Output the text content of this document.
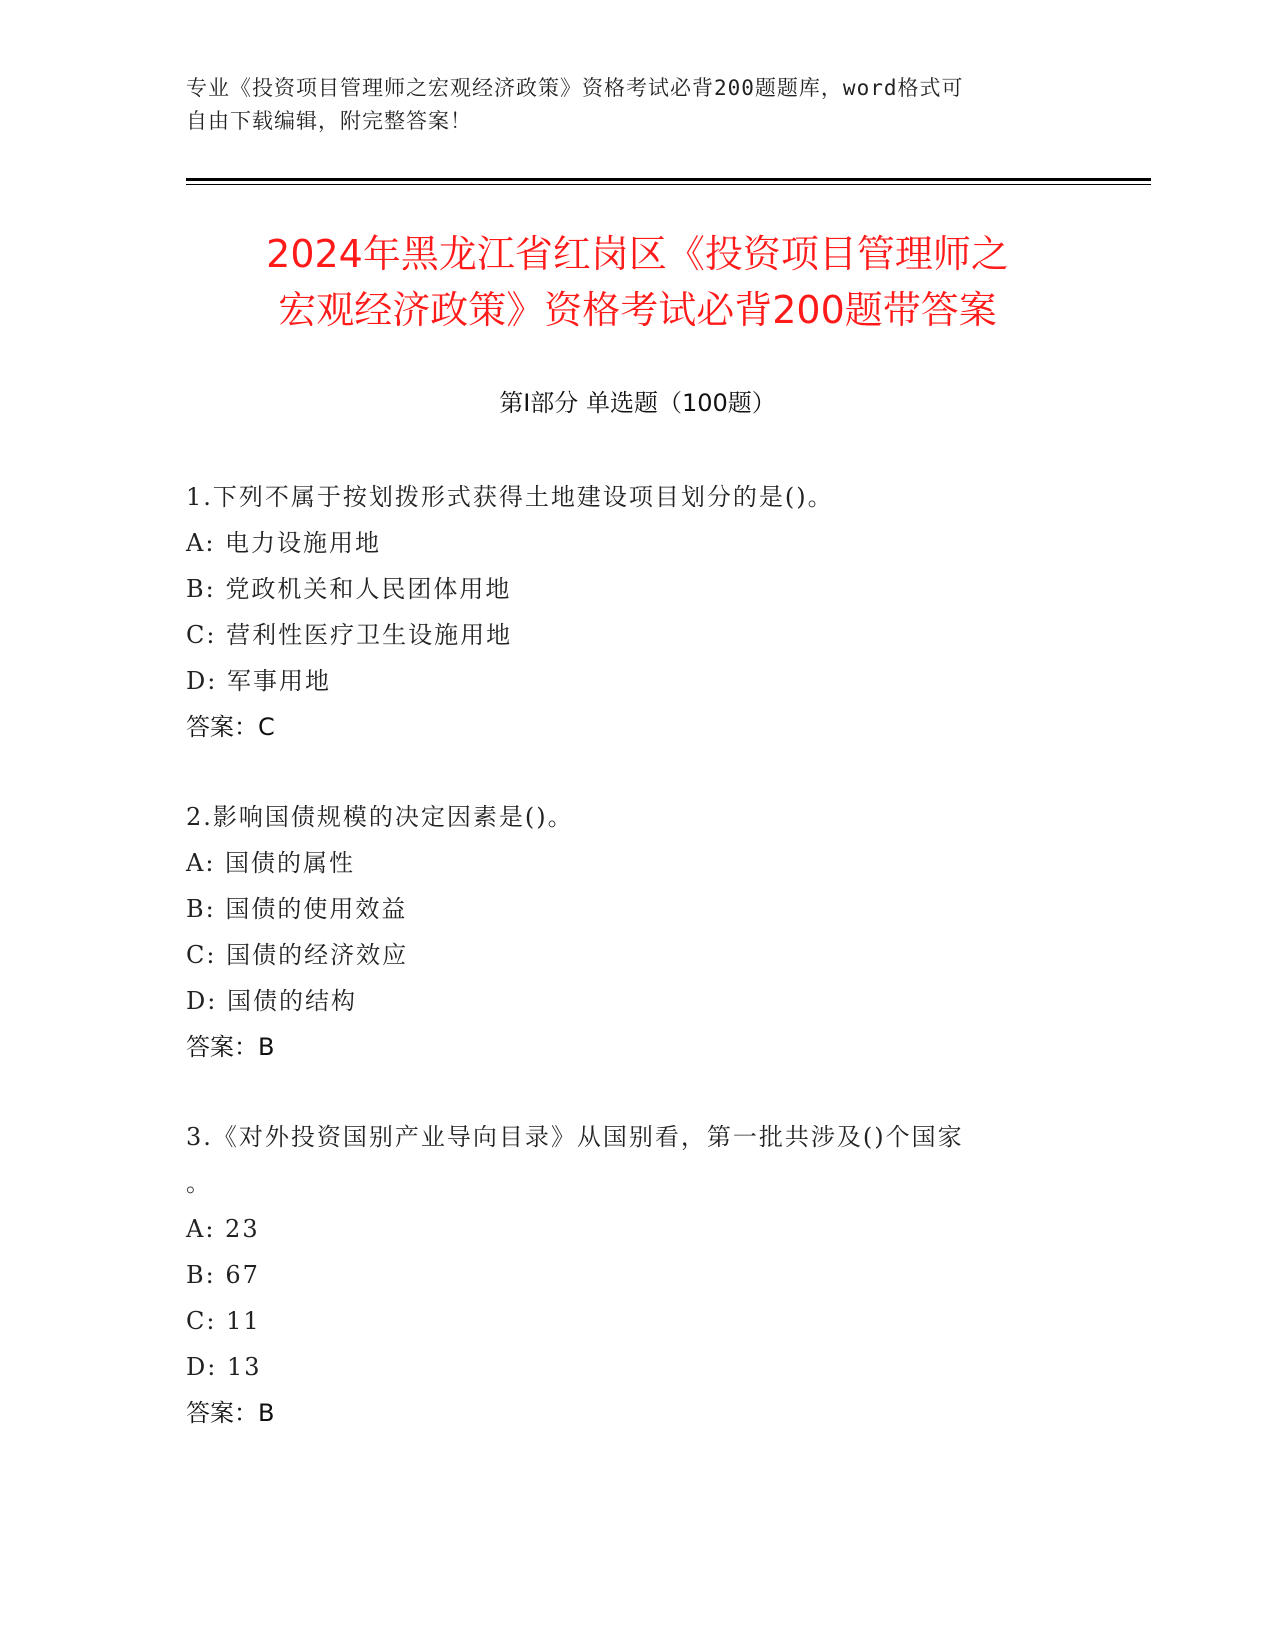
专业《投资项目管理师之宏观经济政策》资格考试必背200题题库，word格式可
自由下载编辑，附完整答案！
2024年黑龙江省红岗区《投资项目管理师之
宏观经济政策》资格考试必背200题带答案
第Ⅰ部分 单选题（100题）

1.下列不属于按划拨形式获得土地建设项目划分的是()。

A: 电力设施用地

B: 党政机关和人民团体用地

C: 营利性医疗卫生设施用地

D: 军事用地

答案：C

2.影响国债规模的决定因素是()。

A: 国债的属性

B: 国债的使用效益

C: 国债的经济效应

D: 国债的结构

答案：B

3.《对外投资国别产业导向目录》从国别看，第一批共涉及()个国家
。

A: 23

B: 67

C: 11

D: 13

答案：B
